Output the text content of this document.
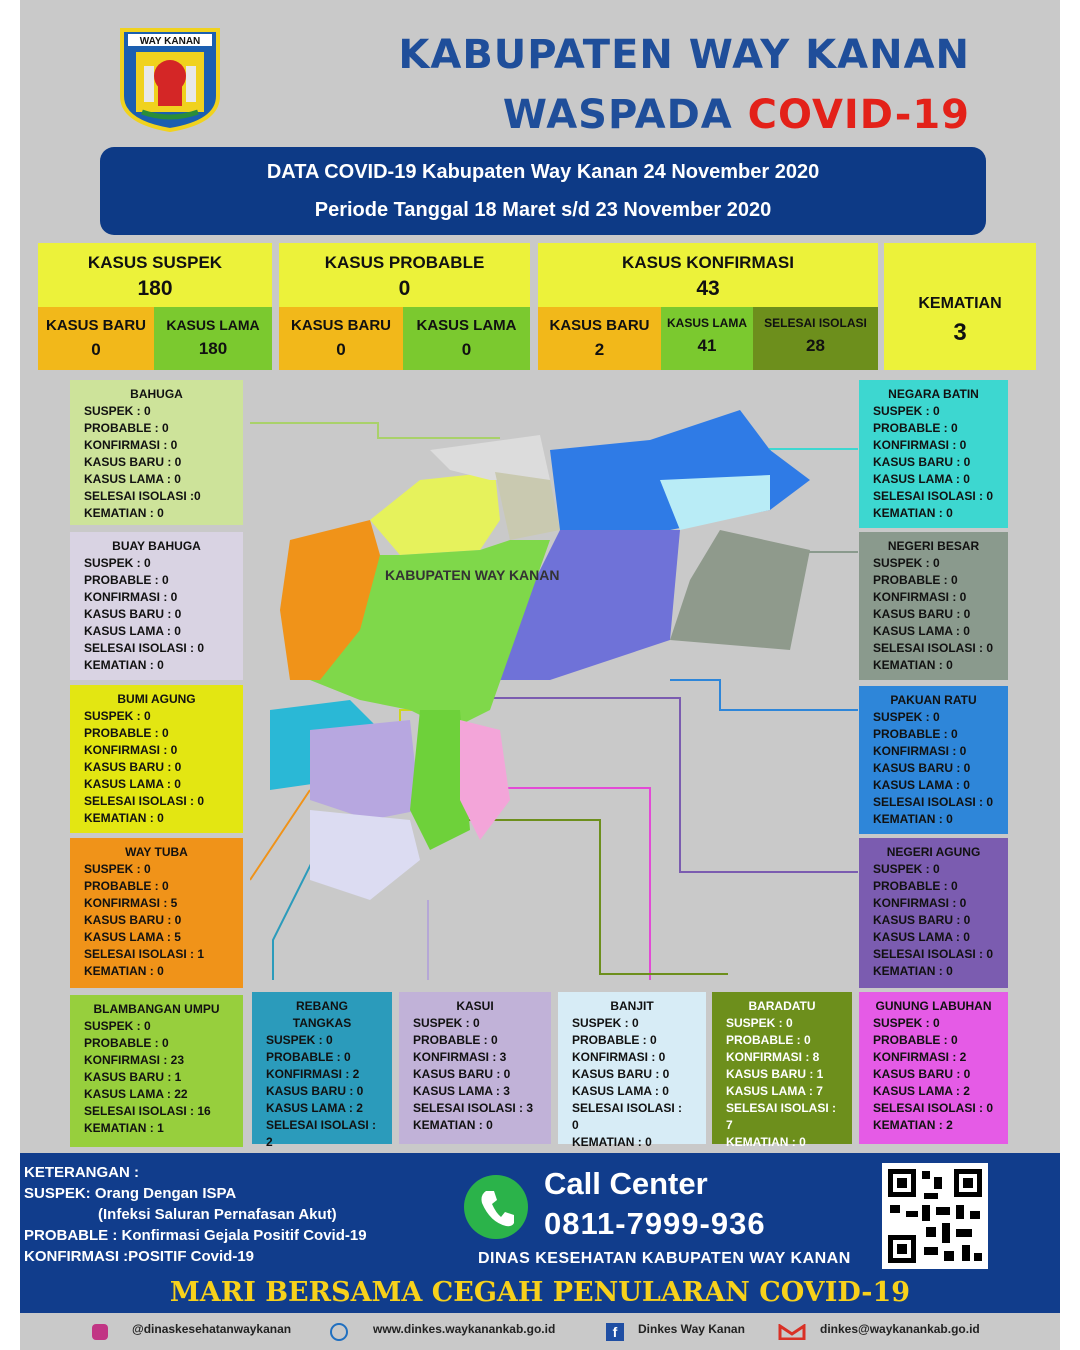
WAY KANAN	KABUPATEN WAY KANAN
WASPADA COVID-19
DATA COVID-19 Kabupaten Way Kanan 24 November 2020
Periode Tanggal 18 Maret s/d 23 November 2020
KASUS SUSPEK
180
KASUS BARU
0
KASUS LAMA
180
KASUS PROBABLE
0
KASUS BARU
0
KASUS LAMA
0
KASUS KONFIRMASI
43
KASUS BARU
2
KASUS LAMA
41
SELESAI ISOLASI
28
KEMATIAN
3
KABUPATEN WAY KANAN
BAHUGA
SUSPEK : 0
PROBABLE : 0
KONFIRMASI : 0
KASUS BARU : 0
KASUS LAMA : 0
SELESAI ISOLASI :0
KEMATIAN : 0
BUAY BAHUGA
SUSPEK : 0
PROBABLE : 0
KONFIRMASI : 0
KASUS BARU : 0
KASUS LAMA : 0
SELESAI ISOLASI : 0
KEMATIAN : 0
BUMI AGUNG
SUSPEK : 0
PROBABLE : 0
KONFIRMASI : 0
KASUS BARU : 0
KASUS LAMA : 0
SELESAI ISOLASI : 0
KEMATIAN : 0
WAY TUBA
SUSPEK : 0
PROBABLE : 0
KONFIRMASI : 5
KASUS BARU : 0
KASUS LAMA : 5
SELESAI ISOLASI : 1
KEMATIAN : 0
BLAMBANGAN UMPU
SUSPEK : 0
PROBABLE : 0
KONFIRMASI : 23
KASUS BARU : 1
KASUS LAMA : 22
SELESAI ISOLASI : 16
KEMATIAN : 1
REBANG TANGKAS
SUSPEK : 0
PROBABLE : 0
KONFIRMASI : 2
KASUS BARU : 0
KASUS LAMA : 2
SELESAI ISOLASI : 2
KASUI
SUSPEK : 0
PROBABLE : 0
KONFIRMASI : 3
KASUS BARU : 0
KASUS LAMA : 3
SELESAI ISOLASI : 3
KEMATIAN : 0
BANJIT
SUSPEK : 0
PROBABLE : 0
KONFIRMASI : 0
KASUS BARU : 0
KASUS LAMA : 0
SELESAI ISOLASI : 0
KEMATIAN : 0
BARADATU
SUSPEK : 0
PROBABLE : 0
KONFIRMASI : 8
KASUS BARU : 1
KASUS LAMA : 7
SELESAI ISOLASI : 7
KEMATIAN : 0
GUNUNG LABUHAN
SUSPEK : 0
PROBABLE : 0
KONFIRMASI : 2
KASUS BARU : 0
KASUS LAMA : 2
SELESAI ISOLASI : 0
KEMATIAN : 2
NEGARA BATIN
SUSPEK : 0
PROBABLE : 0
KONFIRMASI : 0
KASUS BARU : 0
KASUS LAMA : 0
SELESAI ISOLASI : 0
KEMATIAN : 0
NEGERI BESAR
SUSPEK : 0
PROBABLE : 0
KONFIRMASI : 0
KASUS BARU : 0
KASUS LAMA : 0
SELESAI ISOLASI : 0
KEMATIAN : 0
PAKUAN RATU
SUSPEK : 0
PROBABLE : 0
KONFIRMASI : 0
KASUS BARU : 0
KASUS LAMA : 0
SELESAI ISOLASI : 0
KEMATIAN : 0
NEGERI AGUNG
SUSPEK : 0
PROBABLE : 0
KONFIRMASI : 0
KASUS BARU : 0
KASUS LAMA : 0
SELESAI ISOLASI : 0
KEMATIAN : 0
KETERANGAN :
SUSPEK: Orang Dengan ISPA
(Infeksi Saluran Pernafasan Akut)
PROBABLE : Konfirmasi Gejala Positif Covid-19
KONFIRMASI :POSITIF Covid-19
Call Center
0811-7999-936
DINAS KESEHATAN KABUPATEN WAY KANAN
MARI BERSAMA CEGAH PENULARAN COVID-19
@dinaskesehatanwaykanan	www.dinkes.waykanankab.go.id	f	Dinkes Way Kanan	dinkes@waykanankab.go.id
